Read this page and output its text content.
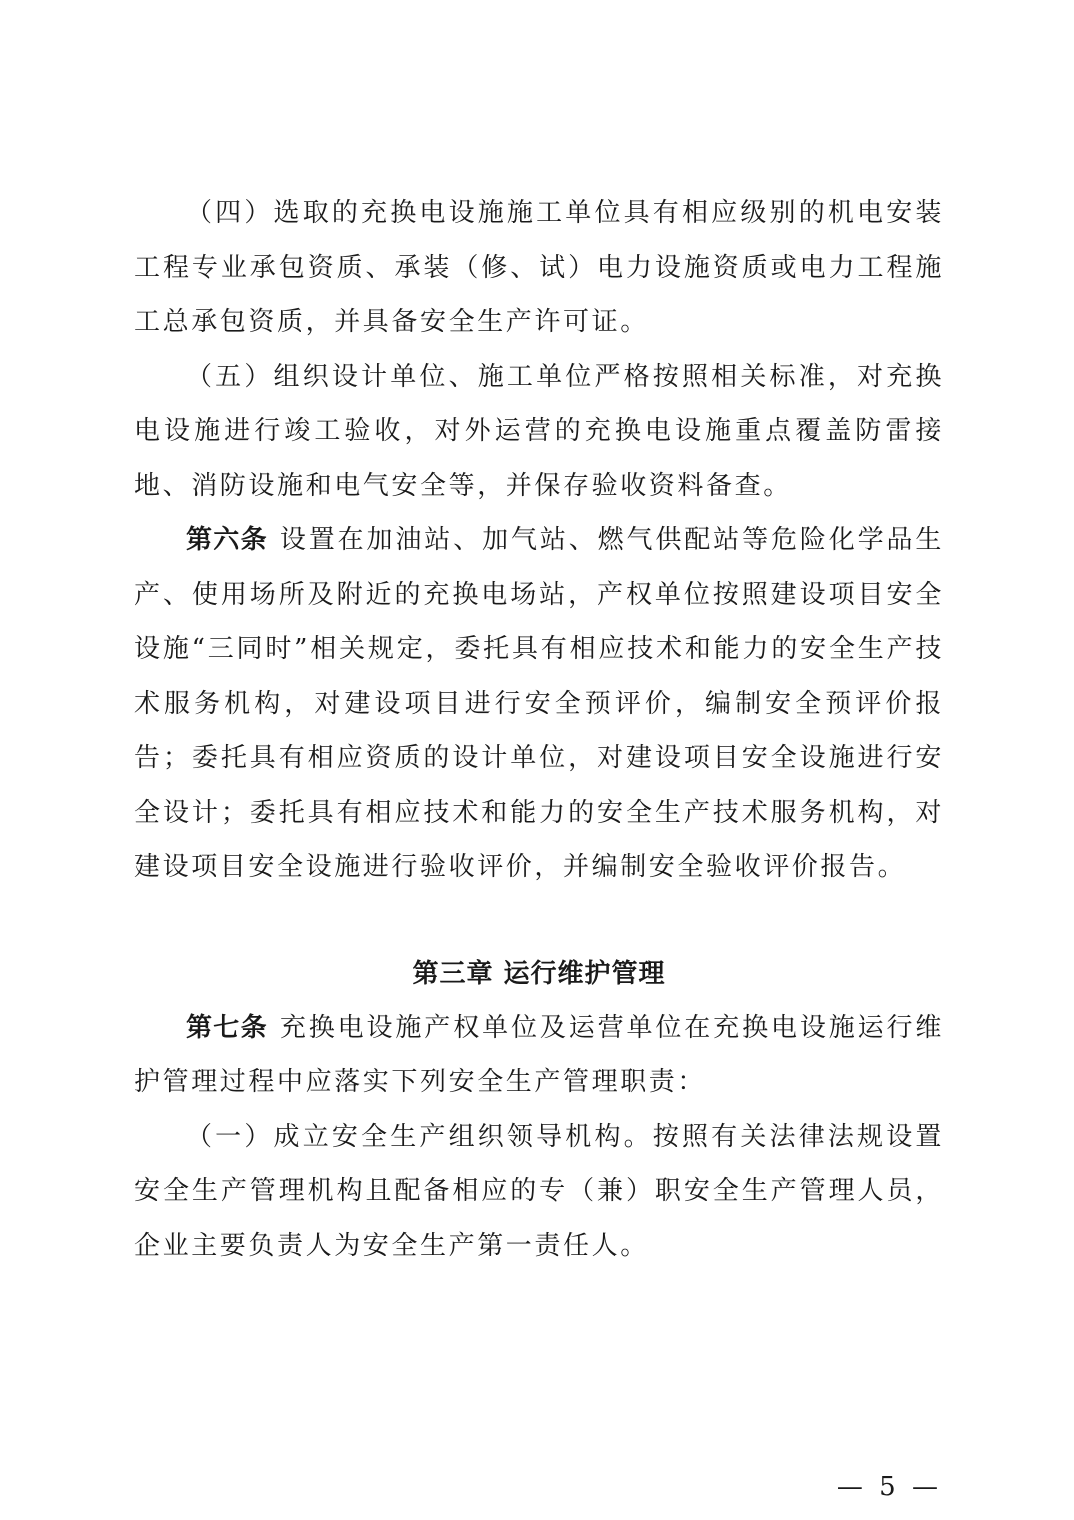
（四）选取的充换电设施施工单位具有相应级别的机电安装工程专业承包资质、承装（修、试）电力设施资质或电力工程施工总承包资质，并具备安全生产许可证。

（五）组织设计单位、施工单位严格按照相关标准，对充换电设施进行竣工验收，对外运营的充换电设施重点覆盖防雷接地、消防设施和电气安全等，并保存验收资料备查。

第六条 设置在加油站、加气站、燃气供配站等危险化学品生产、使用场所及附近的充换电场站，产权单位按照建设项目安全设施“三同时”相关规定，委托具有相应技术和能力的安全生产技术服务机构，对建设项目进行安全预评价，编制安全预评价报告；委托具有相应资质的设计单位，对建设项目安全设施进行安全设计；委托具有相应技术和能力的安全生产技术服务机构，对建设项目安全设施进行验收评价，并编制安全验收评价报告。

第三章 运行维护管理

第七条 充换电设施产权单位及运营单位在充换电设施运行维护管理过程中应落实下列安全生产管理职责：

（一）成立安全生产组织领导机构。按照有关法律法规设置安全生产管理机构且配备相应的专（兼）职安全生产管理人员，企业主要负责人为安全生产第一责任人。

— 5 —
